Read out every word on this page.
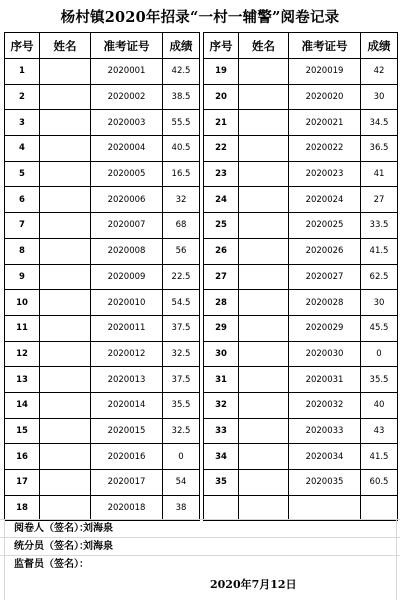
杨村镇2020年招录“一村一辅警”阅卷记录
序号	姓名	准考证号	成绩
1		2020001	42.5
2		2020002	38.5
3		2020003	55.5
4		2020004	40.5
5		2020005	16.5
6		2020006	32
7		2020007	68
8		2020008	56
9		2020009	22.5
10		2020010	54.5
11		2020011	37.5
12		2020012	32.5
13		2020013	37.5
14		2020014	35.5
15		2020015	32.5
16		2020016	0
17		2020017	54
18		2020018	38
序号	姓名	准考证号	成绩
19		2020019	42
20		2020020	30
21		2020021	34.5
22		2020022	36.5
23		2020023	41
24		2020024	27
25		2020025	33.5
26		2020026	41.5
27		2020027	62.5
28		2020028	30
29		2020029	45.5
30		2020030	0
31		2020031	35.5
32		2020032	40
33		2020033	43
34		2020034	41.5
35		2020035	60.5

阅卷人（签名）：
刘海泉
统分员（签名）：
刘海泉
监督员（签名）：
2020年7月12日
